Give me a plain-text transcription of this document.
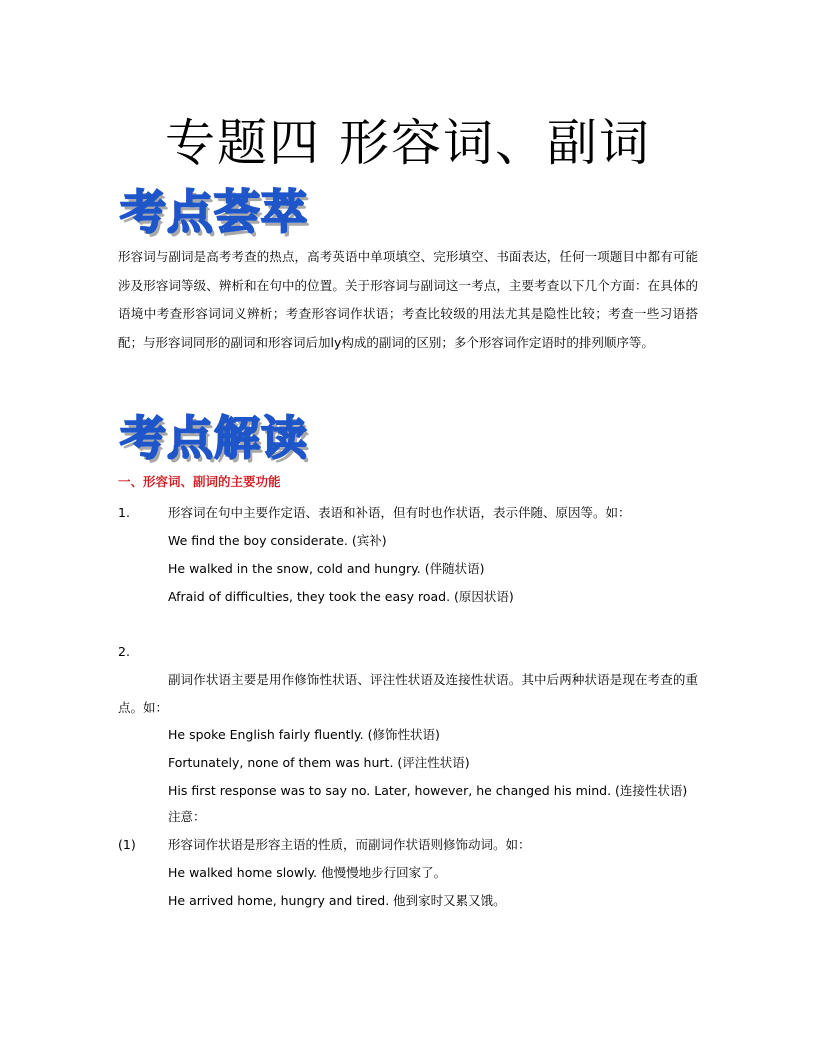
专题四 形容词、副词
考点荟萃
形容词与副词是高考考查的热点，高考英语中单项填空、完形填空、书面表达，任何一项题目中都有可能涉及形容词等级、辨析和在句中的位置。关于形容词与副词这一考点，主要考查以下几个方面：在具体的语境中考查形容词词义辨析；考查形容词作状语；考查比较级的用法尤其是隐性比较；考查一些习语搭配；与形容词同形的副词和形容词后加ly构成的副词的区别；多个形容词作定语时的排列顺序等。
考点解读
一、形容词、副词的主要功能
1.	形容词在句中主要作定语、表语和补语，但有时也作状语，表示伴随、原因等。如：
We find the boy considerate. (宾补)
He walked in the snow, cold and hungry. (伴随状语)
Afraid of difficulties, they took the easy road. (原因状语)
2.
副词作状语主要是用作修饰性状语、评注性状语及连接性状语。其中后两种状语是现在考查的重点。如：
He spoke English fairly fluently. (修饰性状语)
Fortunately, none of them was hurt. (评注性状语)
His first response was to say no. Later, however, he changed his mind. (连接性状语)
注意：
(1)	形容词作状语是形容主语的性质，而副词作状语则修饰动词。如：
He walked home slowly. 他慢慢地步行回家了。
He arrived home, hungry and tired. 他到家时又累又饿。
